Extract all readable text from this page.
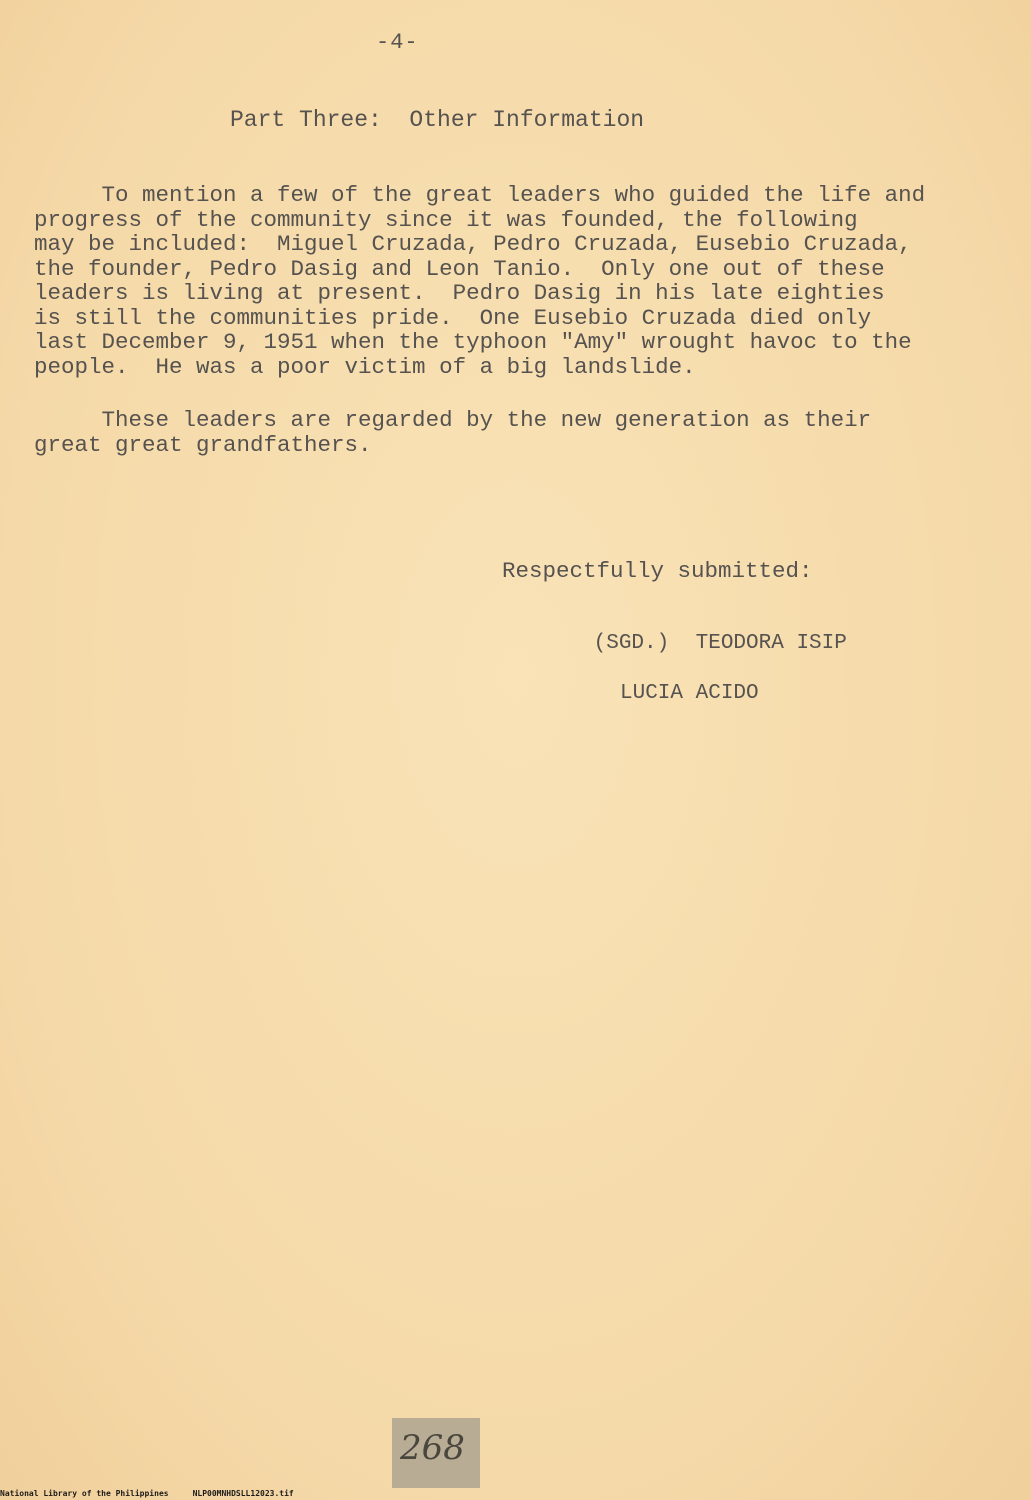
-4-
Part Three:  Other Information

To mention a few of the great leaders who guided the life and
progress of the community since it was founded, the following
may be included:  Miguel Cruzada, Pedro Cruzada, Eusebio Cruzada,
the founder, Pedro Dasig and Leon Tanio.  Only one out of these
leaders is living at present.  Pedro Dasig in his late eighties
is still the communities pride.  One Eusebio Cruzada died only
last December 9, 1951 when the typhoon "Amy" wrought havoc to the
people.  He was a poor victim of a big landslide.

These leaders are regarded by the new generation as their
great great grandfathers.

Respectfully submitted:

(SGD.) TEODORA ISIP

LUCIA ACIDO
268
National Library of the Philippines	NLP00MNHDSLL12023.tif
